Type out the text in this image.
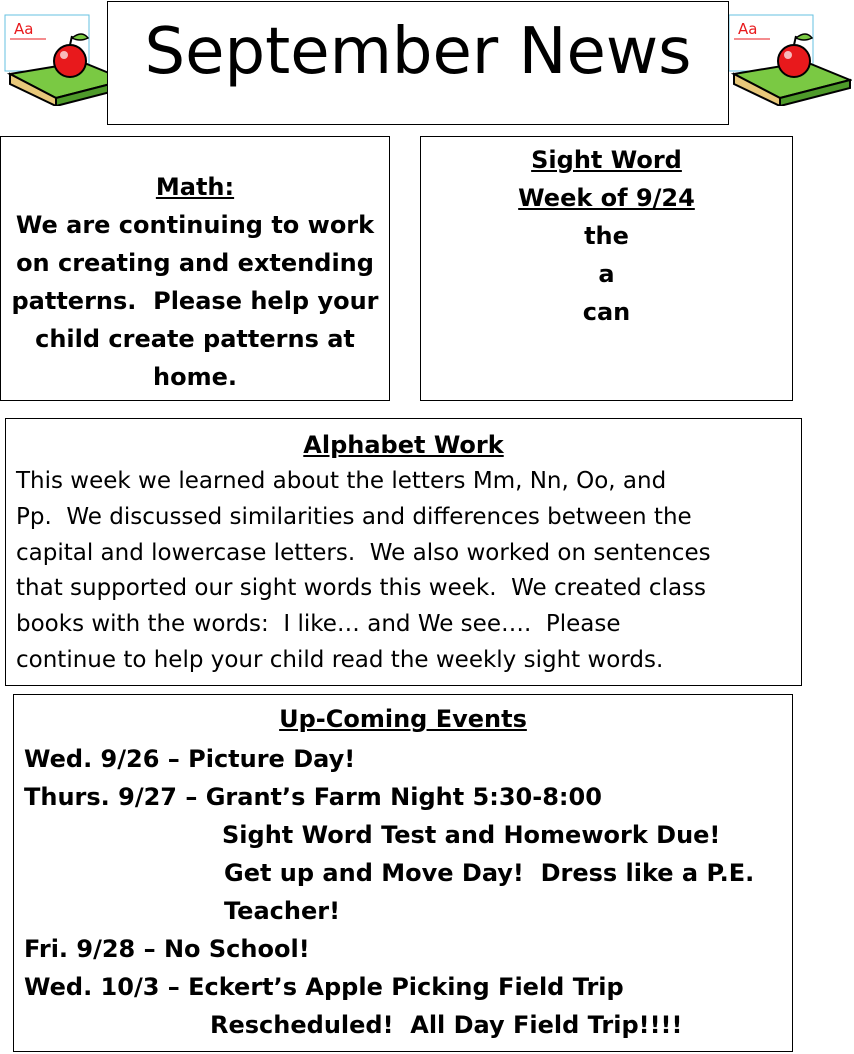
Aa	Aa
September News
Math:
We are continuing to work
on creating and extending
patterns.  Please help your
child create patterns at
home.
Sight Word
Week of 9/24
the
a
can
Alphabet Work
This week we learned about the letters Mm, Nn, Oo, and
Pp.  We discussed similarities and differences between the
capital and lowercase letters.  We also worked on sentences
that supported our sight words this week.  We created class
books with the words:  I like… and We see….  Please
continue to help your child read the weekly sight words.
Up-Coming Events
Wed. 9/26 – Picture Day!
Thurs. 9/27 – Grant’s Farm Night 5:30-8:00
Sight Word Test and Homework Due!
Get up and Move Day!  Dress like a P.E.
Teacher!
Fri. 9/28 – No School!
Wed. 10/3 – Eckert’s Apple Picking Field Trip
Rescheduled!  All Day Field Trip!!!!
